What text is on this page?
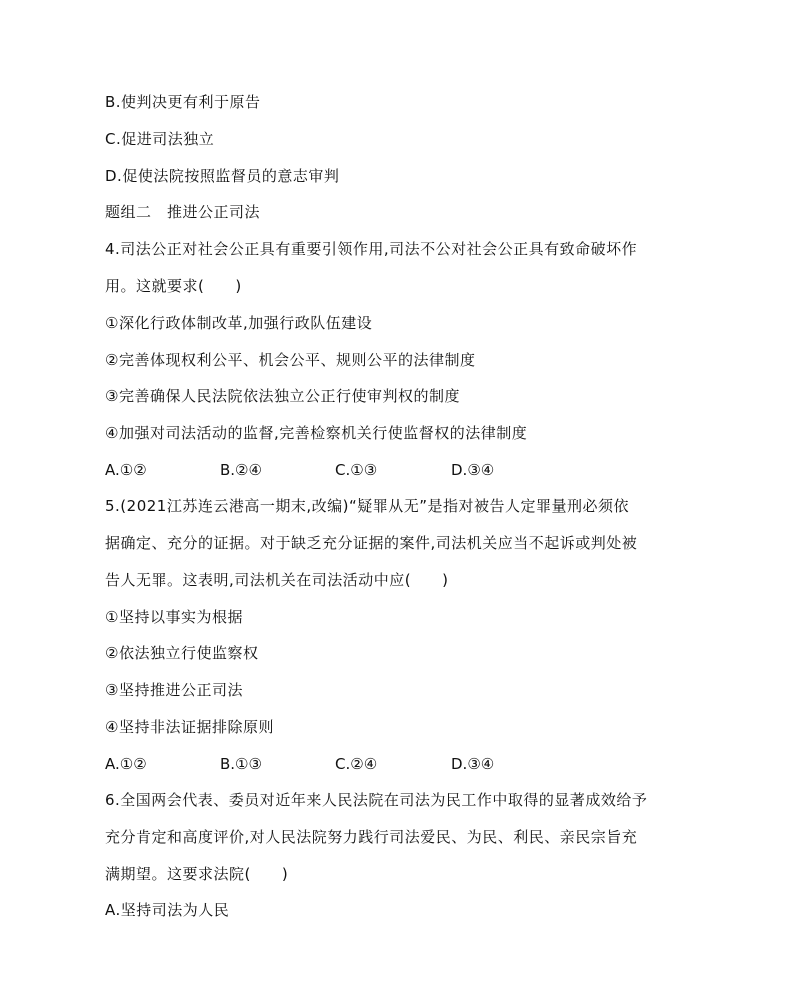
B.使判决更有利于原告

C.促进司法独立

D.促使法院按照监督员的意志审判

题组二　推进公正司法

4.司法公正对社会公正具有重要引领作用,司法不公对社会公正具有致命破坏作

用。这就要求(　　)

①深化行政体制改革,加强行政队伍建设

②完善体现权利公平、机会公平、规则公平的法律制度

③完善确保人民法院依法独立公正行使审判权的制度

④加强对司法活动的监督,完善检察机关行使监督权的法律制度

A.①②	B.②④	C.①③	D.③④

5.(2021江苏连云港高一期末,改编)“疑罪从无”是指对被告人定罪量刑必须依

据确定、充分的证据。对于缺乏充分证据的案件,司法机关应当不起诉或判处被

告人无罪。这表明,司法机关在司法活动中应(　　)

①坚持以事实为根据

②依法独立行使监察权

③坚持推进公正司法

④坚持非法证据排除原则

A.①②	B.①③	C.②④	D.③④

6.全国两会代表、委员对近年来人民法院在司法为民工作中取得的显著成效给予

充分肯定和高度评价,对人民法院努力践行司法爱民、为民、利民、亲民宗旨充

满期望。这要求法院(　　)

A.坚持司法为人民
